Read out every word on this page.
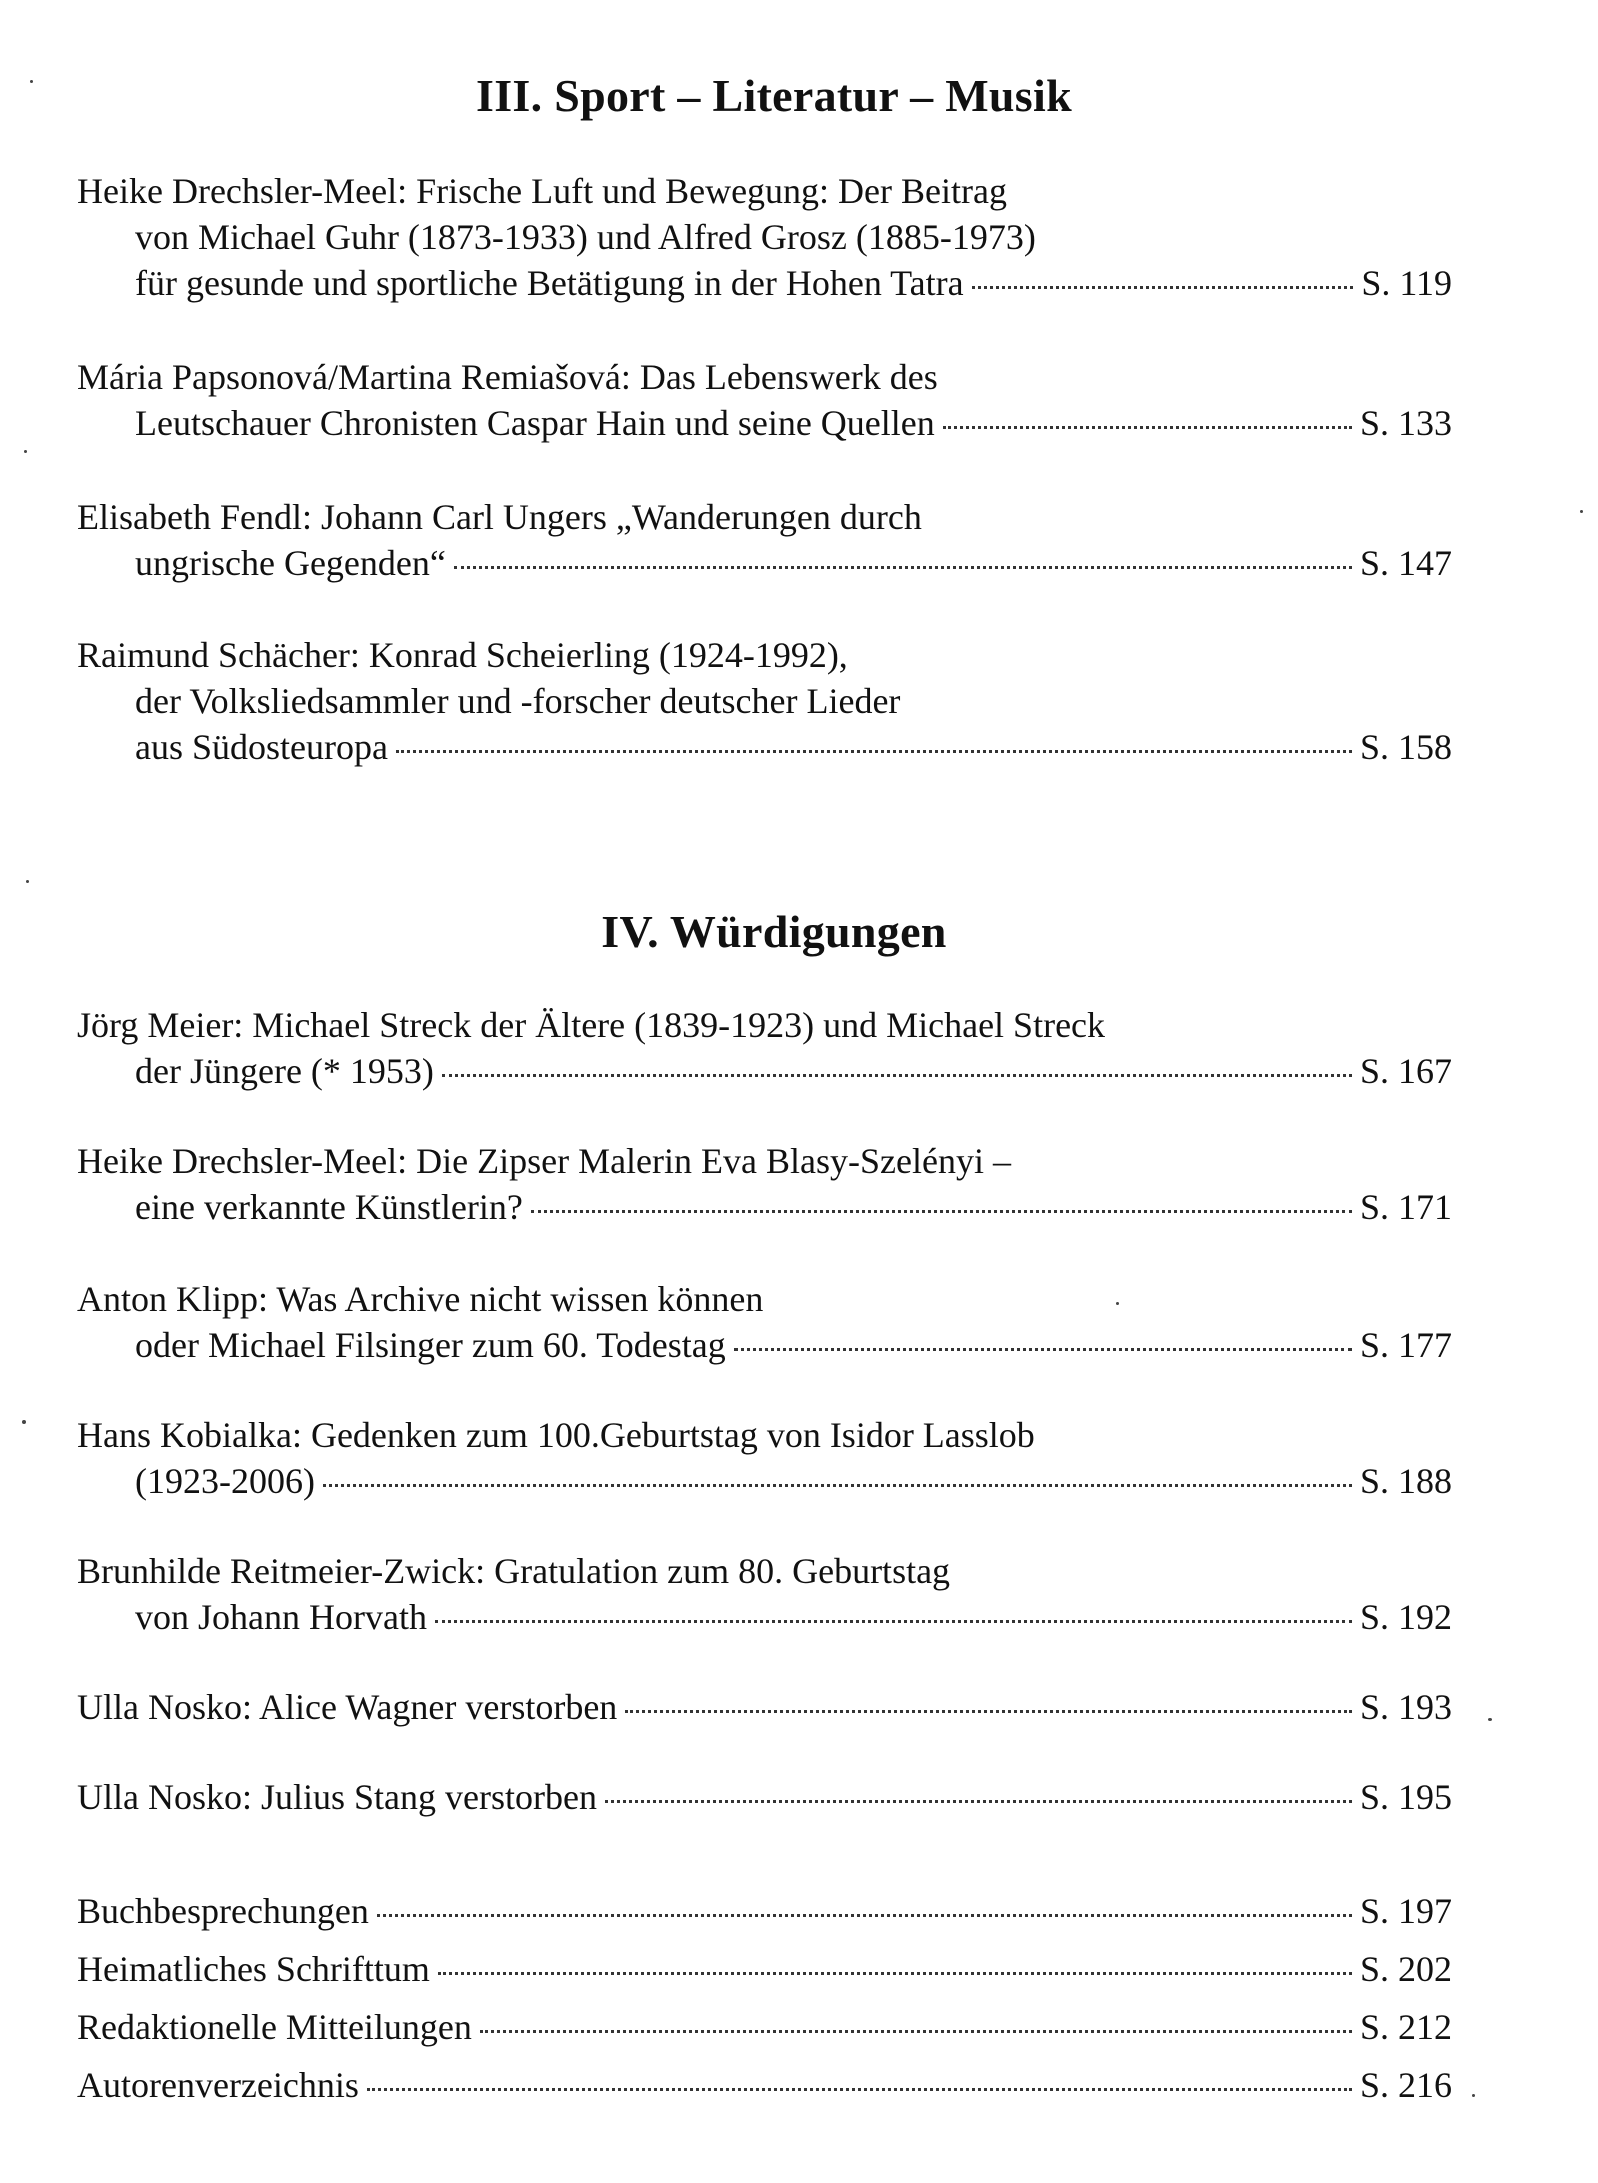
III. Sport – Literatur – Musik
Heike Drechsler-Meel: Frische Luft und Bewegung: Der Beitrag
von Michael Guhr (1873-1933) und Alfred Grosz (1885-1973)
für gesunde und sportliche Betätigung in der Hohen Tatra	S. 119
Mária Papsonová/Martina Remiašová: Das Lebenswerk des
Leutschauer Chronisten Caspar Hain und seine Quellen	S. 133
Elisabeth Fendl: Johann Carl Ungers „Wanderungen durch
ungrische Gegenden“	S. 147
Raimund Schächer: Konrad Scheierling (1924-1992),
der Volksliedsammler und -forscher deutscher Lieder
aus Südosteuropa	S. 158
IV. Würdigungen
Jörg Meier: Michael Streck der Ältere (1839-1923) und Michael Streck
der Jüngere (* 1953)	S. 167
Heike Drechsler-Meel: Die Zipser Malerin Eva Blasy-Szelényi –
eine verkannte Künstlerin?	S. 171
Anton Klipp: Was Archive nicht wissen können
oder Michael Filsinger zum 60. Todestag	S. 177
Hans Kobialka: Gedenken zum 100.Geburtstag von Isidor Lasslob
(1923-2006)	S. 188
Brunhilde Reitmeier-Zwick: Gratulation zum 80. Geburtstag
von Johann Horvath	S. 192
Ulla Nosko: Alice Wagner verstorben	S. 193
Ulla Nosko: Julius Stang verstorben	S. 195
Buchbesprechungen	S. 197
Heimatliches Schrifttum	S. 202
Redaktionelle Mitteilungen	S. 212
Autorenverzeichnis	S. 216
